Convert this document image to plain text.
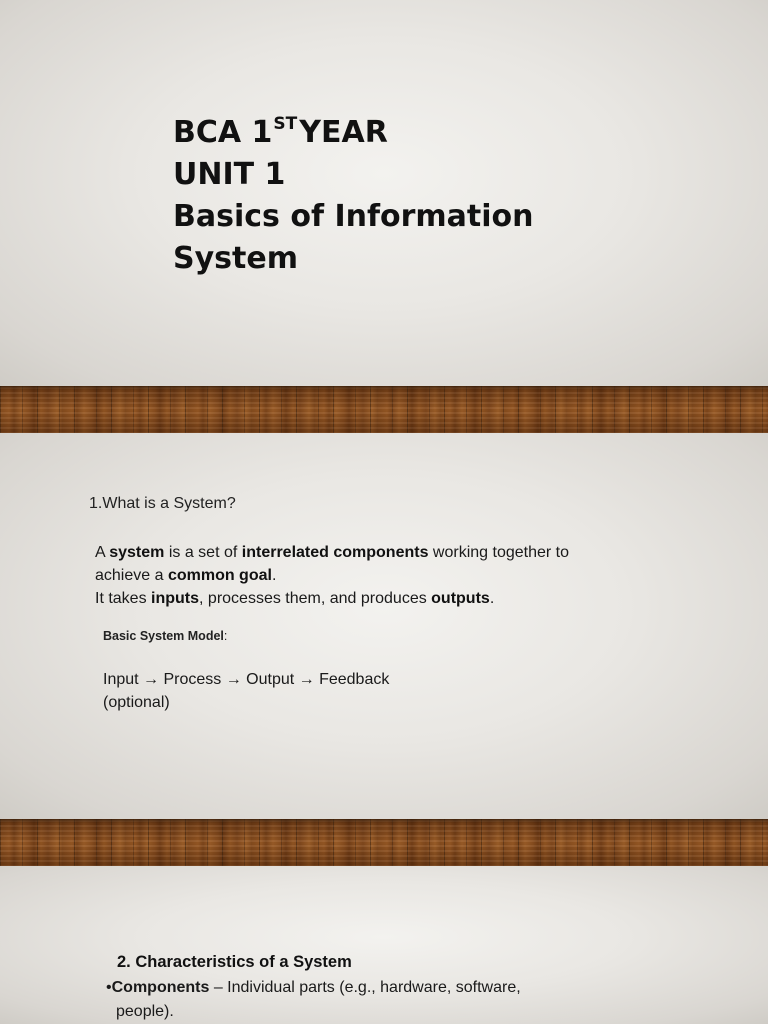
BCA 1STYEAR
UNIT 1
Basics of Information
System
1.What is a System?
A system is a set of interrelated components working together to achieve a common goal.
It takes inputs, processes them, and produces outputs.
Basic System Model:
Input → Process → Output → Feedback
(optional)
2. Characteristics of a System
•Components – Individual parts (e.g., hardware, software,
people).
